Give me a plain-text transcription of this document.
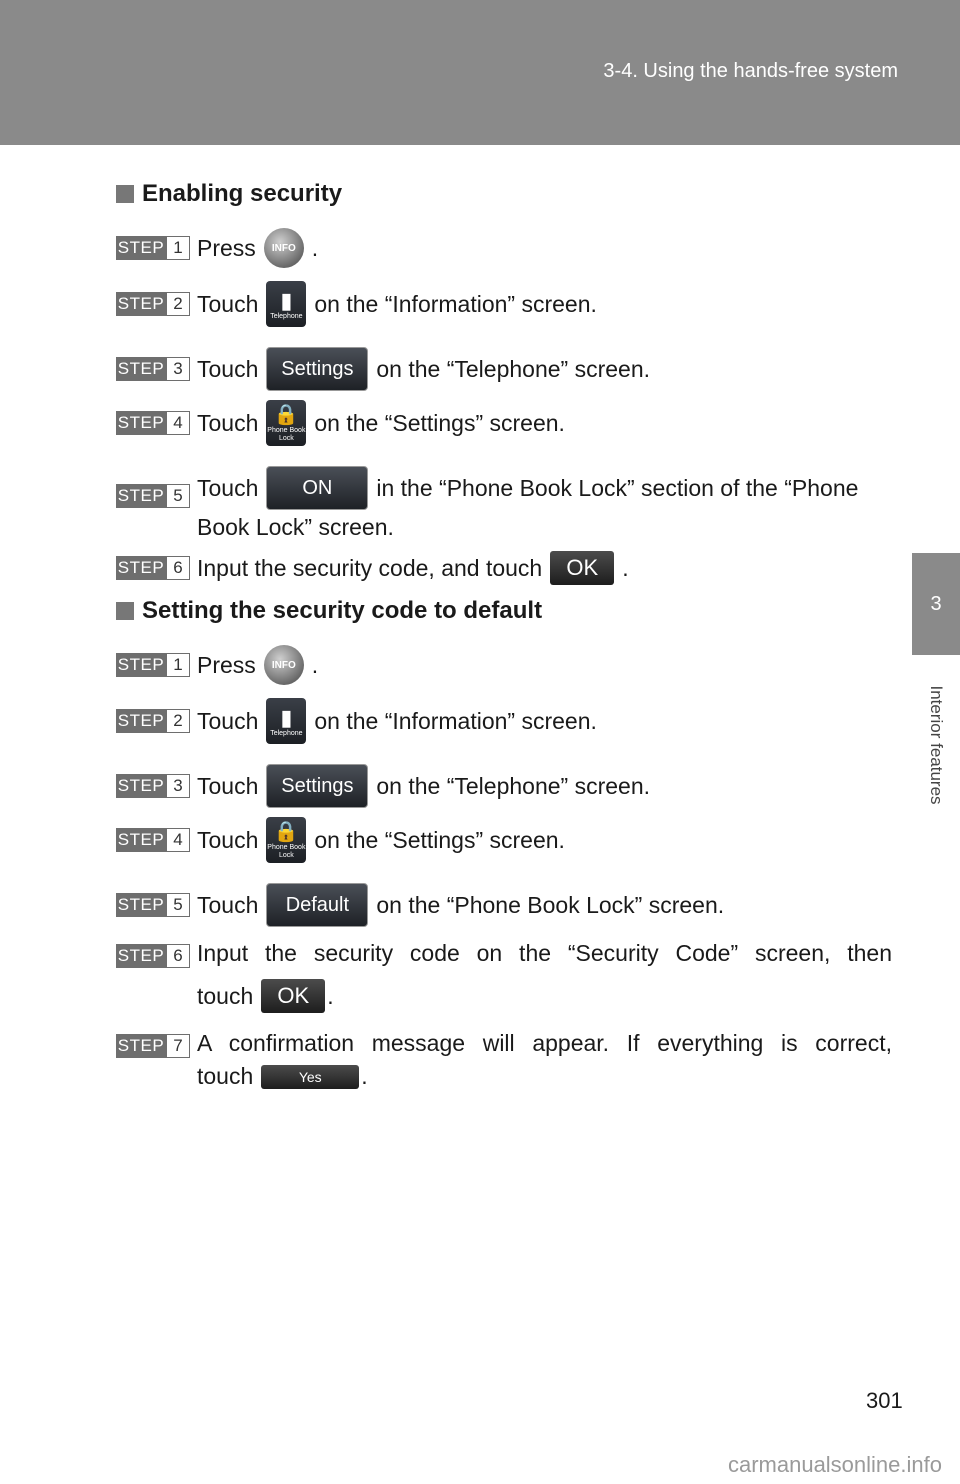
3-4. Using the hands-free system
3
Interior features
Enabling security
STEP 1 Press	INFO .
STEP 2 Touch ▮
Telephone on the “Information” screen.
STEP 3 Touch	Settings on the “Telephone” screen.
STEP 4 Touch 🔒
Phone Book Lock
on the “Settings” screen.
STEP 5 Touch	ON	in the “Phone Book Lock” section of the “Phone
Book Lock” screen.
STEP 6 Input the security code, and touch	OK	.
Setting the security code to default
STEP 1 Press	INFO .
STEP 2 Touch ▮
Telephone on the “Information” screen.
STEP 3 Touch	Settings on the “Telephone” screen.
STEP 4 Touch 🔒
Phone Book Lock
on the “Settings” screen.
STEP 5 Touch	Default	on the “Phone Book Lock” screen.
STEP 6 Input the security code on the “Security Code” screen, then
touch	OK .
STEP 7 A confirmation message will appear. If everything is correct,
touch	Yes	.
301
carmanualsonline.info
